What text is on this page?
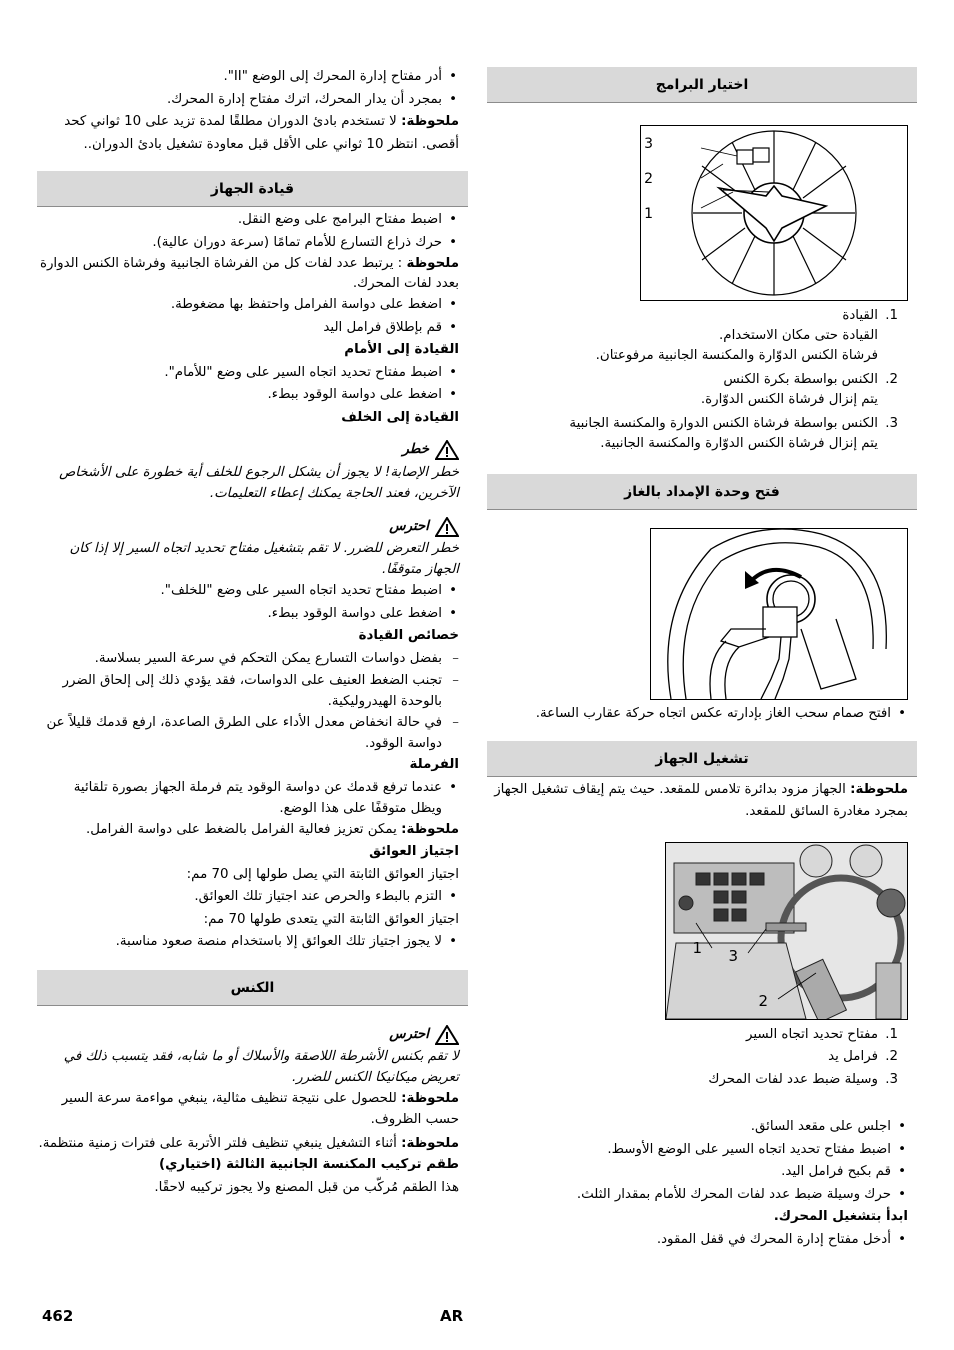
• أدر مفتاح إدارة المحرك إلى الوضع "II".
• بمجرد أن يدار المحرك، اترك مفتاح إدارة المحرك.
ملحوظة: لا تستخدم بادئ الدوران مطلقًا لمدة تزيد على 10 ثواني كحد أقصى. انتظر 10 ثواني على الأقل قبل معاودة تشغيل بادئ الدوران..
قيادة الجهاز
• اضبط مفتاح البرامج على وضع النقل.
• حرك ذراع التسارع للأمام تمامًا (سرعة دوران عالية).
ملحوظة : يرتبط عدد لفات كل من الفرشاة الجانبية وفرشاة الكنس الدوارة بعدد لفات المحرك.
• اضغط على دواسة الفرامل واحتفظ بها مضغوطة.
• قم بإطلاق فرامل اليد
القيادة إلى الأمام
• اضبط مفتاح تحديد اتجاه السير على وضع "للأمام".
• اضغط على دواسة الوقود ببطء.
القيادة إلى الخلف
خطر
خطر الإصابة! لا يجوز أن يشكل الرجوع للخلف أية خطورة على الأشخاص الآخرين، فعند الحاجة يمكنك إعطاء التعليمات.
احترس
خطر التعرض للضرر. لا تقم بتشغيل مفتاح تحديد اتجاه السير إلا إذا كان الجهاز متوقفًا.
• اضبط مفتاح تحديد اتجاه السير على وضع "للخلف".
• اضغط على دواسة الوقود ببطء.
خصائص القيادة
– بفضل دواسات التسارع يمكن التحكم في سرعة السير بسلاسة.
– تجنب الضغط العنيف على الدواسات، فقد يؤدي ذلك إلى إلحاق الضرر بالوحدة الهيدروليكية.
– في حالة انخفاض معدل الأداء على الطرق الصاعدة، ارفع قدمك قليلاً عن دواسة الوقود.
الفرملة
• عندما ترفع قدمك عن دواسة الوقود يتم فرملة الجهاز بصورة تلقائية ويظل متوقفًا على هذا الوضع.
ملحوظة: يمكن تعزيز فعالية الفرامل بالضغط على دواسة الفرامل.
اجتياز العوائق
اجتياز العوائق الثابتة التي يصل طولها إلى 70 مم:
• التزم بالبطء والحرص عند اجتياز تلك العوائق.
اجتياز العوائق الثابتة التي يتعدى طولها 70 مم:
• لا يجوز اجتياز تلك العوائق إلا باستخدام منصة صعود مناسبة.
الكنس
احترس
لا تقم بكنس الأشرطة اللاصقة والأسلاك أو ما شابه، فقد يتسبب ذلك في تعريض ميكانيكا الكنس للضرر.
ملحوظة: للحصول على نتيجة تنظيف مثالية، ينبغي مواءمة سرعة السير حسب الظروف.
ملحوظة: أثناء التشغيل ينبغي تنظيف فلتر الأتربة على فترات زمنية منتظمة.
طقم تركيب المكنسة الجانبية الثالثة (اختياري)
هذا الطقم مُركّب من قبل المصنع ولا يجوز تركيبه لاحقًا.
اختيار البرامج
3
2
1
1.
القيادة
القيادة حتى مكان الاستخدام.
فرشاة الكنس الدوّارة والمكنسة الجانبية مرفوعتان.
2.
الكنس بواسطة بكرة الكنس
يتم إنزال فرشاة الكنس الدوّارة.
3.
الكنس بواسطة فرشاة الكنس الدوارة والمكنسة الجانبية
يتم إنزال فرشاة الكنس الدوّارة والمكنسة الجانبية.
فتح وحدة الإمداد بالغاز
• افتح صمام سحب الغاز بإدارته عكس اتجاه حركة عقارب الساعة.
تشغيل الجهاز
ملحوظة: الجهاز مزود بدائرة تلامس للمقعد. حيث يتم إيقاف تشغيل الجهاز بمجرد مغادرة السائق للمقعد.
1 3
2
1.
مفتاح تحديد اتجاه السير
2.
فرامل يد
3.
وسيلة ضبط عدد لفات المحرك
• اجلس على مقعد السائق.
• اضبط مفتاح تحديد اتجاه السير على الوضع الأوسط.
• قم بكبح فرامل اليد.
• حرك وسيلة ضبط عدد لفات المحرك للأمام بمقدار الثلث.
ابدأ بتشغيل المحرك.
• أدخل مفتاح إدارة المحرك في قفل المقود.
462	AR
